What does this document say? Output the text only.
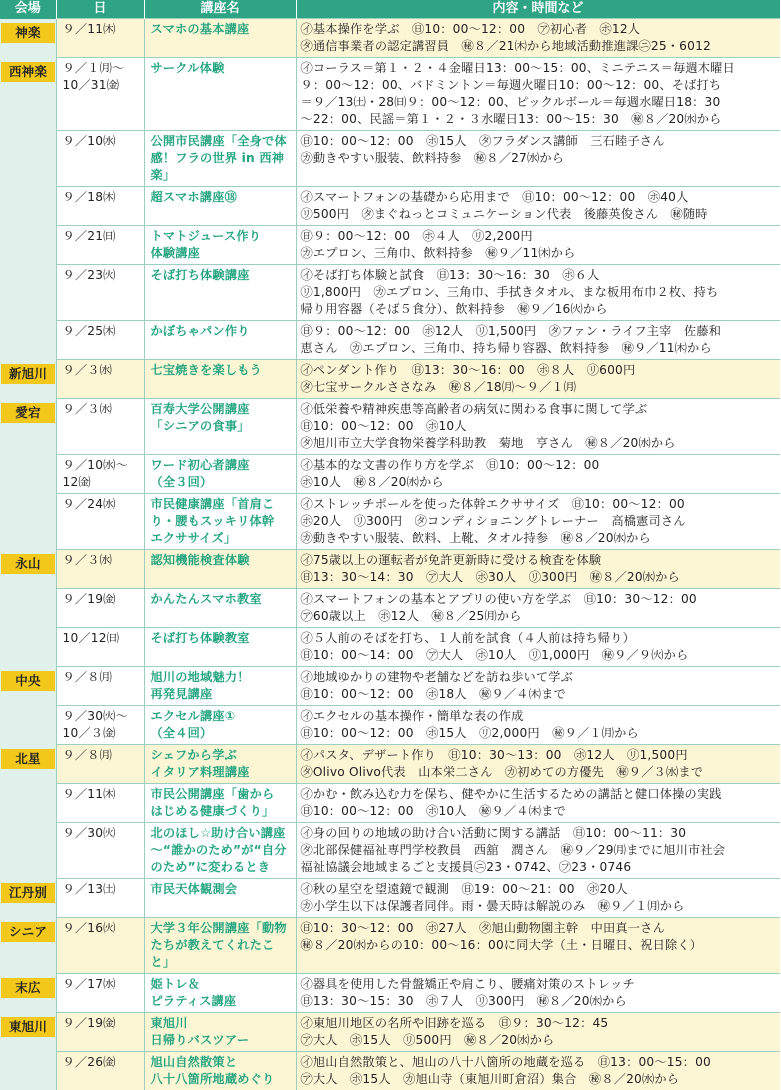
会場	日	講座名	内容・時間など

神楽	９／11㈭	スマホの基本講座	㋑基本操作を学ぶ　㊐10：00～12：00　㋐初心者　㋭12人
㋟通信事業者の認定講習員　㊙８／21㈭から地域活動推進課㋥25・6012

西神楽	９／１㈪～
10／31㈮	サークル体験	㋑コーラス＝第１・２・４金曜日13：00～15：00、ミニテニス＝毎週木曜日
９：00～12：00、バドミントン＝毎週火曜日10：00～12：00、そば打ち
＝９／13㈯・28㈰９：00～12：00、ピックルボール＝毎週水曜日18：30
～22：00、民謡＝第１・２・３水曜日13：00～15：30　㊙８／20㈬から

	９／10㈬	公開市民講座「全身で体
感！フラの世界 in 西神楽」	㊐10：00～12：00　㋭15人　㋟フラダンス講師　三石睦子さん
㋕動きやすい服装、飲料持参　㊙８／27㈬から

	９／18㈭	超スマホ講座⑱	㋑スマートフォンの基礎から応用まで　㊐10：00～12：00　㋭40人
㋷500円　㋟まぐねっとコミュニケーション代表　後藤英俊さん　㊙随時

	９／21㈰	トマトジュース作り
体験講座	㊐９：00～12：00　㋭４人　㋷2,200円
㋕エプロン、三角巾、飲料持参　㊙９／11㈭から

	９／23㈫	そば打ち体験講座	㋑そば打ち体験と試食　㊐13：30～16：30　㋭６人
㋷1,800円　㋕エプロン、三角巾、手拭きタオル、まな板用布巾２枚、持ち
帰り用容器（そば５食分）、飲料持参　㊙９／16㈫から

	９／25㈭	かぼちゃパン作り	㊐９：00～12：00　㋭12人　㋷1,500円　㋟ファン・ライフ主宰　佐藤和
恵さん　㋕エプロン、三角巾、持ち帰り容器、飲料持参　㊙９／11㈭から

新旭川	９／３㈬	七宝焼きを楽しもう	㋑ペンダント作り　㊐13：30～16：00　㋭８人　㋷600円
㋟七宝サークルささなみ　㊙８／18㈪～９／１㈪

愛宕	９／３㈬	百寿大学公開講座
「シニアの食事」	㋑低栄養や精神疾患等高齢者の病気に関わる食事に関して学ぶ
㊐10：00～12：00　㋭10人
㋟旭川市立大学食物栄養学科助教　菊地　亨さん　㊙８／20㈬から

	９／10㈬～
12㈮	ワード初心者講座
（全３回）	㋑基本的な文書の作り方を学ぶ　㊐10：00～12：00
㋭10人　㊙８／20㈬から

	９／24㈬	市民健康講座「首肩こ
り・腰もスッキリ体幹
エクササイズ」	㋑ストレッチポールを使った体幹エクササイズ　㊐10：00～12：00
㋭20人　㋷300円　㋟コンディショニングトレーナー　高橋憲司さん
㋕動きやすい服装、飲料、上靴、タオル持参　㊙８／20㈬から

永山	９／３㈬	認知機能検査体験	㋑75歳以上の運転者が免許更新時に受ける検査を体験
㊐13：30～14：30　㋐大人　㋭30人　㋷300円　㊙８／20㈬から

	９／19㈮	かんたんスマホ教室	㋑スマートフォンの基本とアプリの使い方を学ぶ　㊐10：30～12：00
㋐60歳以上　㋭12人　㊙８／25㈪から

	10／12㈰	そば打ち体験教室	㋑５人前のそばを打ち、１人前を試食（４人前は持ち帰り）
㊐10：00～14：00　㋐大人　㋭10人　㋷1,000円　㊙９／９㈫から

中央	９／８㈪	旭川の地域魅力！
再発見講座	㋑地域ゆかりの建物や老舗などを訪ね歩いて学ぶ
㊐10：00～12：00　㋭18人　㊙９／４㈭まで

	９／30㈫～
10／３㈮	エクセル講座①
（全４回）	㋑エクセルの基本操作・簡単な表の作成
㊐10：00～12：00　㋭15人　㋷2,000円　㊙９／１㈪から

北星	９／８㈪	シェフから学ぶ
イタリア料理講座	㋑パスタ、デザート作り　㊐10：30～13：00　㋭12人　㋷1,500円
㋟Olivo Olivo代表　山本栄二さん　㋕初めての方優先　㊙９／３㈬まで

	９／11㈭	市民公開講座「歯から
はじめる健康づくり」	㋑かむ・飲み込む力を保ち、健やかに生活するための講話と健口体操の実践
㊐10：00～12：00　㋭10人　㊙９／４㈭まで

	９／30㈫	北のほし☆助け合い講座
～“誰かのため”が“自分
のため”に変わるとき	㋑身の回りの地域の助け合い活動に関する講話　㊐10：00～11：30
㋟北部保健福祉専門学校教員　西舘　潤さん　㊙９／29㈪までに旭川市社会
福祉協議会地域まるごと支援員㋥23・0742、㋫23・0746

江丹別	９／13㈯	市民天体観測会	㋑秋の星空を望遠鏡で観測　㊐19：00～21：00　㋭20人
㋕小学生以下は保護者同伴。雨・曇天時は解説のみ　㊙９／１㈪から

シニア	９／16㈫	大学３年公開講座「動物
たちが教えてくれたこと」	㊐10：30～12：00　㋭27人　㋟旭山動物園主幹　中田真一さん
㊙８／20㈬からの10：00～16：00に同大学（土・日曜日、祝日除く）

末広	９／17㈬	姫トレ＆
ピラティス講座	㋑器具を使用した骨盤矯正や肩こり、腰痛対策のストレッチ
㊐13：30～15：30　㋭７人　㋷300円　㊙８／20㈬から

東旭川	９／19㈮	東旭川
日帰りバスツアー	㋑東旭川地区の名所や旧跡を巡る　㊐９：30～12：45
㋐大人　㋭15人　㋷500円　㊙８／20㈬から

	９／26㈮	旭山自然散策と
八十八箇所地蔵めぐり	㋑旭山自然散策と、旭山の八十八箇所の地蔵を巡る　㊐13：00～15：00
㋐大人　㋭15人　㋕旭山寺（東旭川町倉沼）集合　㊙８／20㈬から
